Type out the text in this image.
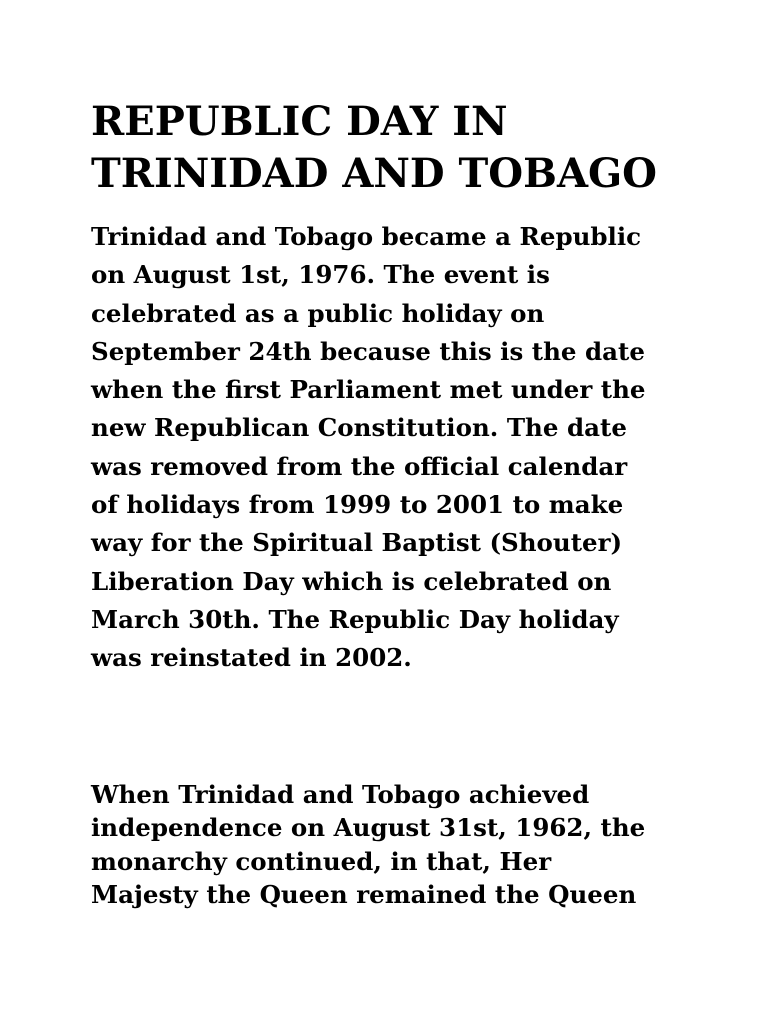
REPUBLIC DAY IN
TRINIDAD AND TOBAGO

Trinidad and Tobago became a Republic
on August 1st, 1976. The event is
celebrated as a public holiday on
September 24th because this is the date
when the first Parliament met under the
new Republican Constitution. The date
was removed from the official calendar
of holidays from 1999 to 2001 to make
way for the Spiritual Baptist (Shouter)
Liberation Day which is celebrated on
March 30th. The Republic Day holiday
was reinstated in 2002.

When Trinidad and Tobago achieved
independence on August 31st, 1962, the
monarchy continued, in that, Her
Majesty the Queen remained the Queen
